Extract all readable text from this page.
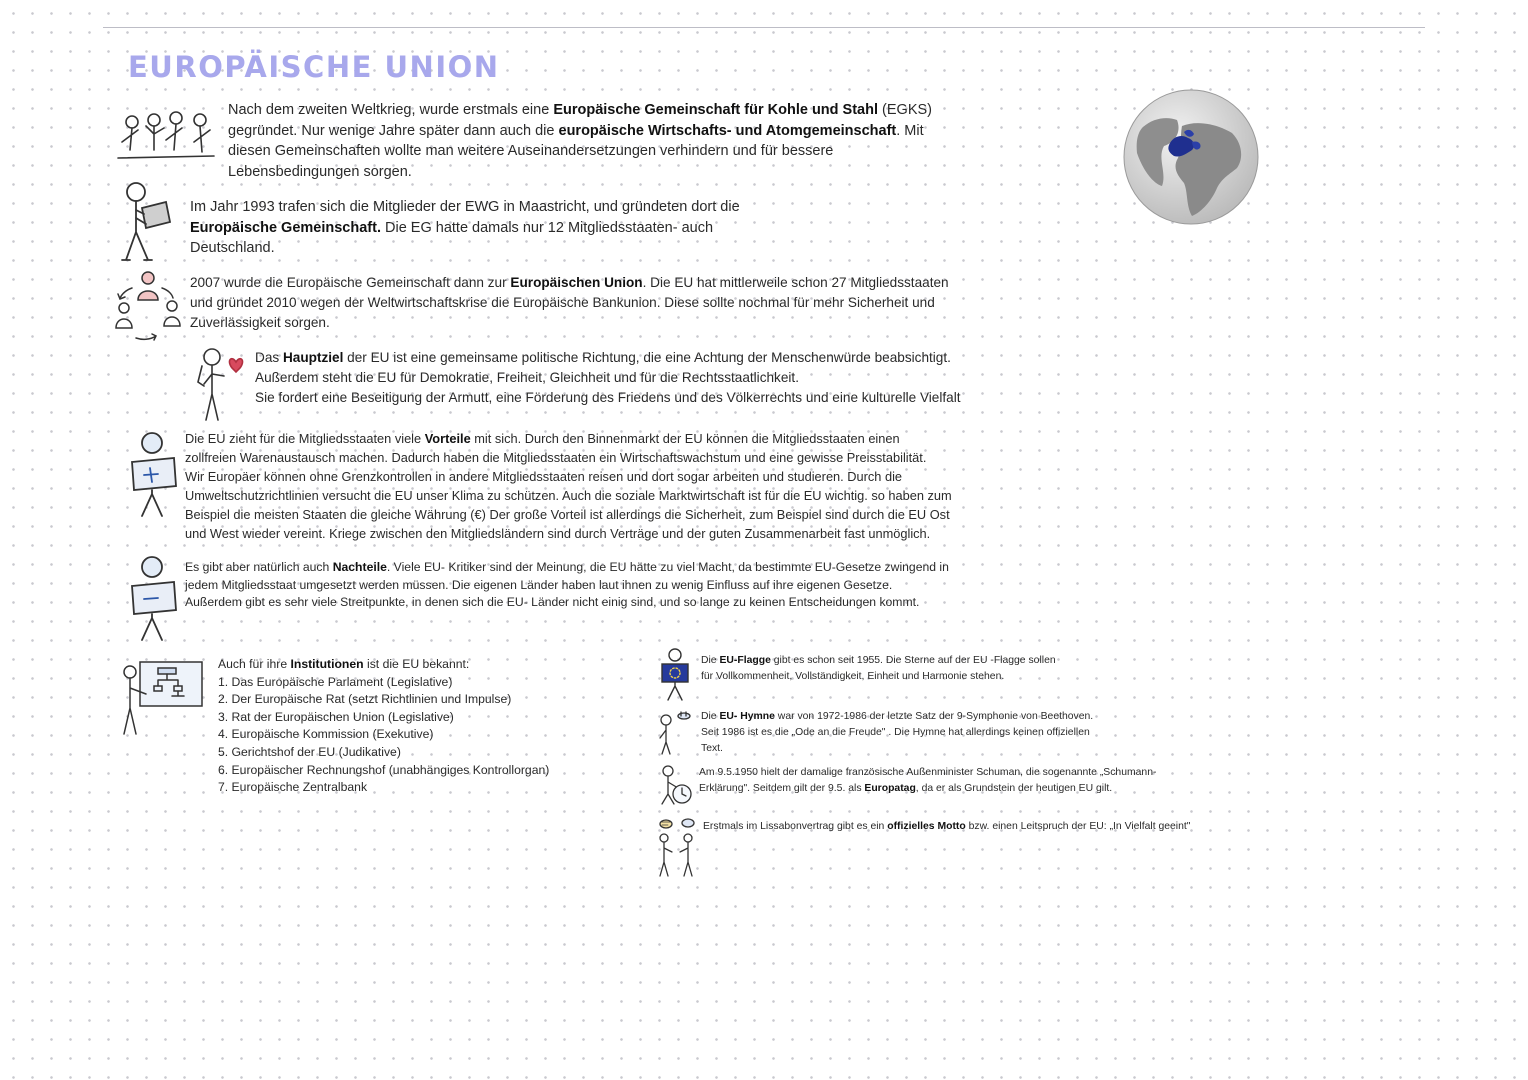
EUROPÄISCHE UNION
Nach dem zweiten Weltkrieg, wurde erstmals eine Europäische Gemeinschaft für Kohle und Stahl (EGKS)
gegründet. Nur wenige Jahre später dann auch die europäische Wirtschafts- und Atomgemeinschaft. Mit
diesen Gemeinschaften wollte man weitere Auseinandersetzungen verhindern und für bessere
Lebensbedingungen sorgen.
Im Jahr 1993 trafen sich die Mitglieder der EWG in Maastricht, und gründeten dort die
Europäische Gemeinschaft. Die EG hatte damals nur 12 Mitgliedsstaaten- auch
Deutschland.
2007 wurde die Europäische Gemeinschaft dann zur Europäischen Union. Die EU hat mittlerweile schon 27 Mitgliedsstaaten
und gründet 2010 wegen der Weltwirtschaftskrise die Europäische Bankunion. Diese sollte nochmal für mehr Sicherheit und
Zuverlässigkeit sorgen.
Das Hauptziel der EU ist eine gemeinsame politische Richtung, die eine Achtung der Menschenwürde beabsichtigt.
Außerdem steht die EU für Demokratie, Freiheit, Gleichheit und für die Rechtsstaatlichkeit.
Sie fordert eine Beseitigung der Armutt, eine Förderung des Friedens und des Völkerrechts und eine kulturelle Vielfalt
Die EU zieht für die Mitgliedsstaaten viele Vorteile mit sich. Durch den Binnenmarkt der EU können die Mitgliedsstaaten einen
zollfreien Warenaustausch machen. Dadurch haben die Mitgliedsstaaten ein Wirtschaftswachstum und eine gewisse Preisstabilität.
Wir Europäer können ohne Grenzkontrollen in andere Mitgliedsstaaten reisen und dort sogar arbeiten und studieren. Durch die
Umweltschutzrichtlinien versucht die EU unser Klima zu schützen. Auch die soziale Marktwirtschaft ist für die EU wichtig. so haben zum
Beispiel die meisten Staaten die gleiche Währung (€) Der große Vorteil ist allerdings die Sicherheit, zum Beispiel sind durch die EU Ost
und West wieder vereint. Kriege zwischen den Mitgliedsländern sind durch Verträge und der guten Zusammenarbeit fast unmöglich.
Es gibt aber natürlich auch Nachteile. Viele EU- Kritiker sind der Meinung, die EU hätte zu viel Macht, da bestimmte EU-Gesetze zwingend in
jedem Mitgliedsstaat umgesetzt werden müssen. Die eigenen Länder haben laut ihnen zu wenig Einfluss auf ihre eigenen Gesetze.
Außerdem gibt es sehr viele Streitpunkte, in denen sich die EU- Länder nicht einig sind, und so lange zu keinen Entscheidungen kommt.
Auch für ihre Institutionen ist die EU bekannt:
1. Das Europäische Parlament (Legislative)
2. Der Europäische Rat (setzt Richtlinien und Impulse)
3. Rat der Europäischen Union (Legislative)
4. Europäische Kommission (Exekutive)
5. Gerichtshof der EU (Judikative)
6. Europäischer Rechnungshof (unabhängiges Kontrollorgan)
7. Europäische Zentralbank
Die EU-Flagge gibt es schon seit 1955. Die Sterne auf der EU -Flagge sollen
für Vollkommenheit, Vollständigkeit, Einheit und Harmonie stehen.
Die EU- Hymne war von 1972-1986 der letzte Satz der 9-Symphonie von Beethoven.
Seit 1986 ist es die „Ode an die Freude" . Die Hymne hat allerdings keinen offiziellen
Text.
Am 9.5.1950 hielt der damalige französische Außenminister Schuman, die sogenannte „Schumann-
Erklärung". Seitdem gilt der 9.5. als Europatag, da er als Grundstein der heutigen EU gilt.
Erstmals im Lissabonvertrag gibt es ein offizielles Motto bzw. einen Leitspruch der EU: „In Vielfalt geeint"
